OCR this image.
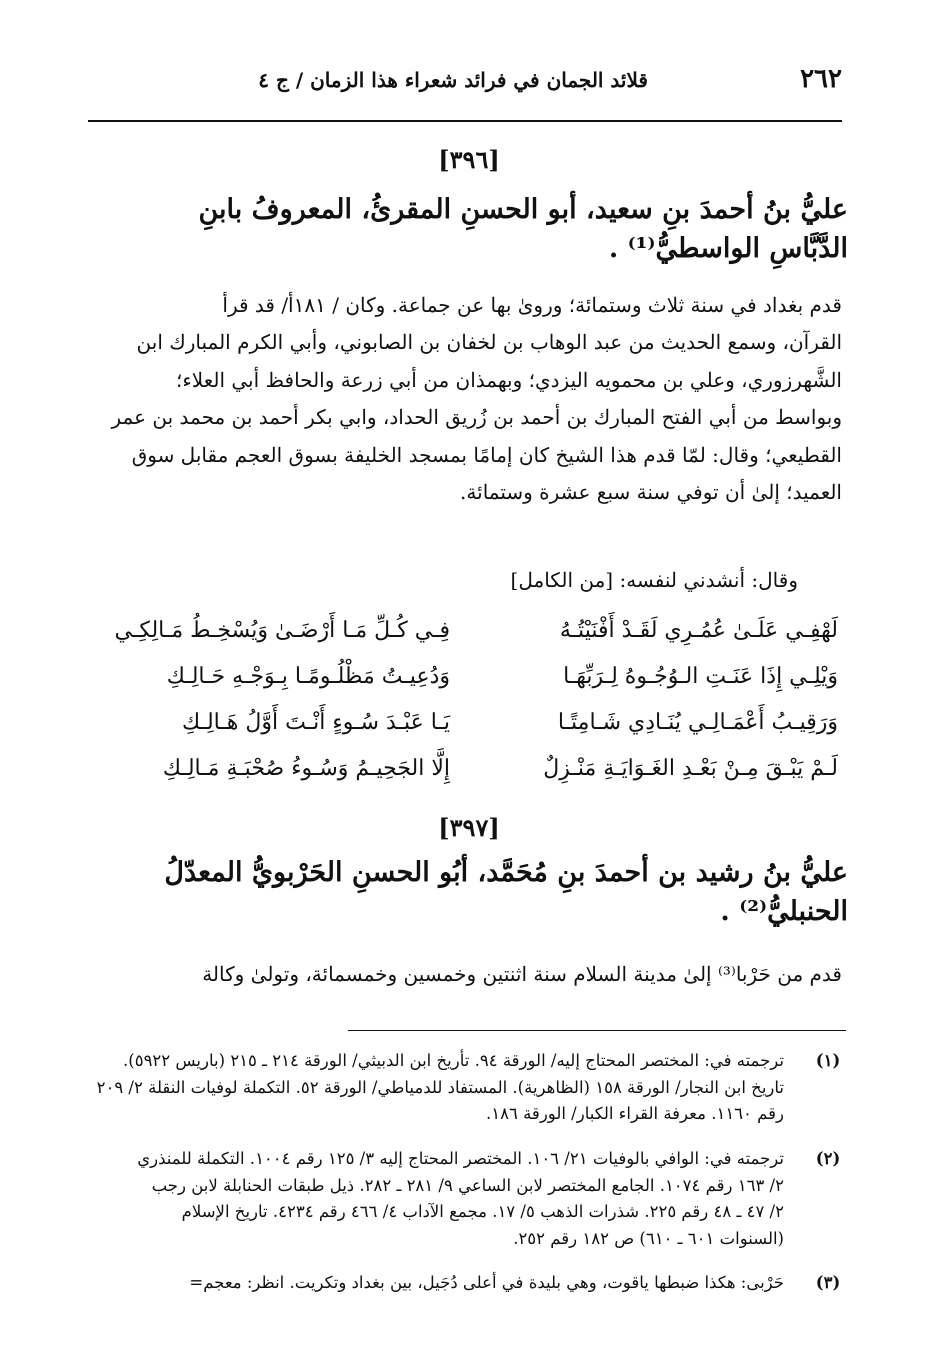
٢٦٢
قلائد الجمان في فرائد شعراء هذا الزمان / ج ٤
[٣٩٦]
عليُّ بنُ أحمدَ بنِ سعيد، أبو الحسنِ المقرئُ، المعروفُ بابنِ
الدَّبَّاسِ الواسطيُّ⁽¹⁾ .
قدم بغداد في سنة ثلاث وستمائة؛ وروىٰ بها عن جماعة. وكان / ١٨١أ/ قد قرأ
القرآن، وسمع الحديث من عبد الوهاب بن لخفان بن الصابوني، وأبي الكرم المبارك ابن
الشَّهرزوري، وعلي بن محمويه اليزدي؛ وبهمذان من أبي زرعة والحافظ أبي العلاء؛
وبواسط من أبي الفتح المبارك بن أحمد بن زُريق الحداد، وابي بكر أحمد بن محمد بن عمر
القطيعي؛ وقال: لمّا قدم هذا الشيخ كان إمامًا بمسجد الخليفة بسوق العجم مقابل سوق
العميد؛ إلىٰ أن توفي سنة سبع عشرة وستمائة.
وقال: أنشدني لنفسه: [من الكامل]
لَهْفِـي عَلَـىٰ عُمُـرِي لَقَـدْ أَفْنَيْتُـهُ
وَيْلِـي إِذَا عَنَـتِ الـوُجُـوهُ لِـرَبِّهَـا
وَرَقِيـبُ أَعْمَـالِـي يُنَـادِي شَـامِتًـا
لَـمْ يَبْـقَ مِـنْ بَعْـدِ الغَـوَايَـةِ مَنْـزِلٌ
فِـي كُـلِّ مَـا أَرْضَـىٰ وَيُسْخِـطُ مَـالِكِـي
وَدُعِيـتُ مَظْلُـومًـا بِـوَجْـهِ حَـالِـكِ
يَـا عَبْـدَ سُـوءٍ أَنْـتَ أَوَّلُ هَـالِـكِ
إِلَّا الجَحِيـمُ وَسُـوءُ صُحْبَـةِ مَـالِـكِ
[٣٩٧]
عليُّ بنُ رشيد بن أحمدَ بنِ مُحَمَّد، أبُو الحسنِ الحَرْبويُّ المعدّلُ
الحنبليُّ⁽²⁾ .
قدم من حَرْبا⁽³⁾ إلىٰ مدينة السلام سنة اثنتين وخمسين وخمسمائة، وتولىٰ وكالة
(١)
ترجمته في: المختصر المحتاج إليه/ الورقة ٩٤. تأريخ ابن الدبيثي/ الورقة ٢١٤ ـ ٢١٥ (باريس ٥٩٢٢).
تاريخ ابن النجار/ الورقة ١٥٨ (الظاهرية). المستفاد للدمياطي/ الورقة ٥٢. التكملة لوفيات النقلة ٢/ ٢٠٩
رقم ١١٦٠. معرفة القراء الكبار/ الورقة ١٨٦.
(٢)
ترجمته في: الوافي بالوفيات ٢١/ ١٠٦. المختصر المحتاج إليه ٣/ ١٢٥ رقم ١٠٠٤. التكملة للمنذري
٢/ ١٦٣ رقم ١٠٧٤. الجامع المختصر لابن الساعي ٩/ ٢٨١ ـ ٢٨٢. ذيل طبقات الحنابلة لابن رجب
٢/ ٤٧ ـ ٤٨ رقم ٢٢٥. شذرات الذهب ٥/ ١٧. مجمع الآداب ٤/ ٤٦٦ رقم ٤٢٣٤. تاريخ الإسلام
(السنوات ٦٠١ ـ ٦١٠) ص ١٨٢ رقم ٢٥٢.
(٣)
حَرْبى: هكذا ضبطها ياقوت، وهي بليدة في أعلى دُجَيل، بين بغداد وتكريت. انظر: معجم=
